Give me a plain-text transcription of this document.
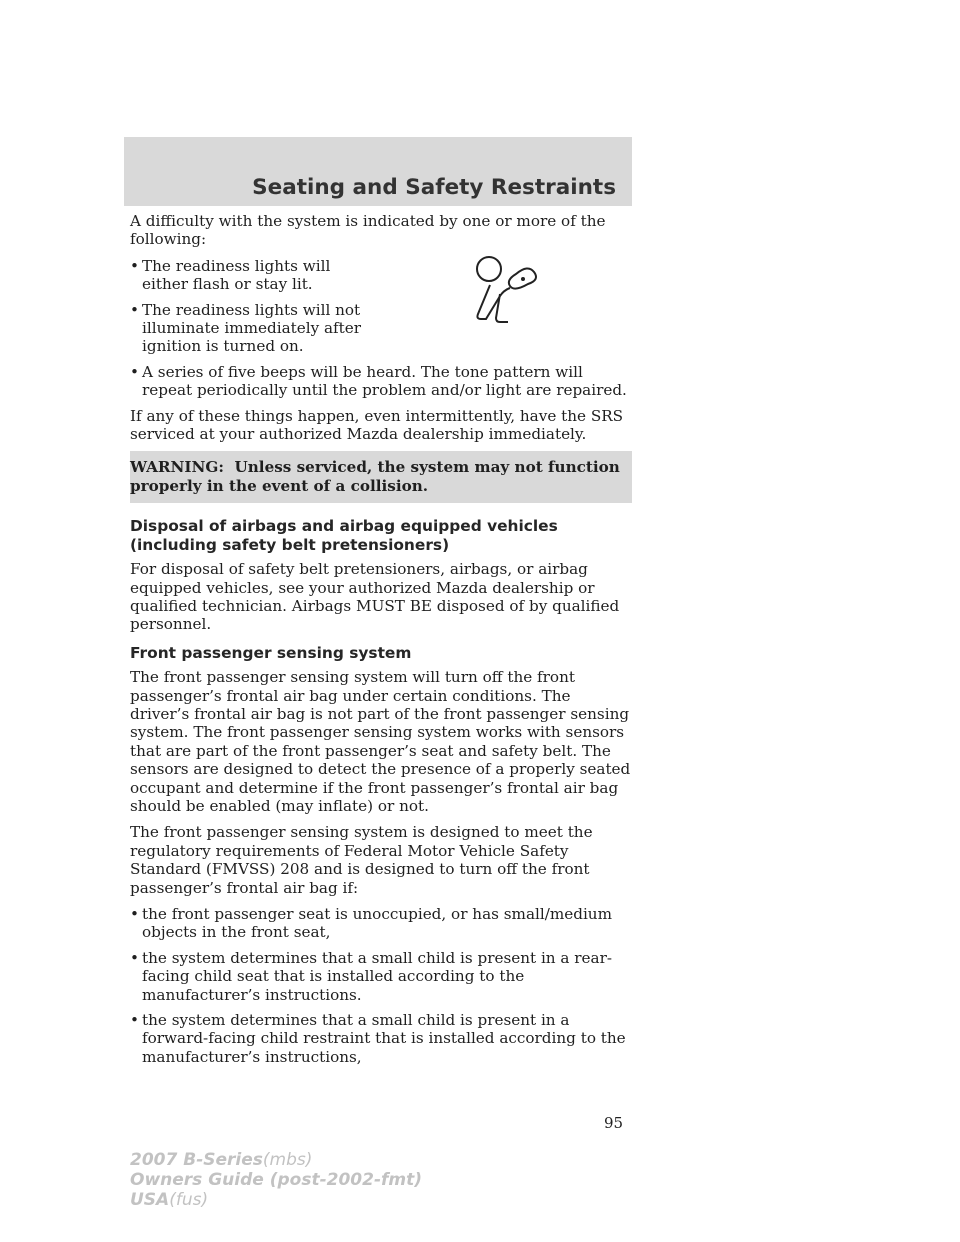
Seating and Safety Restraints

A difficulty with the system is indicated by one or more of the following:

• The readiness lights will either flash or stay lit.
• The readiness lights will not illuminate immediately after ignition is turned on.
• A series of five beeps will be heard. The tone pattern will repeat periodically until the problem and/or light are repaired.

If any of these things happen, even intermittently, have the SRS serviced at your authorized Mazda dealership immediately.

WARNING: Unless serviced, the system may not function properly in the event of a collision.
Disposal of airbags and airbag equipped vehicles (including safety belt pretensioners)

For disposal of safety belt pretensioners, airbags, or airbag equipped vehicles, see your authorized Mazda dealership or qualified technician. Airbags MUST BE disposed of by qualified personnel.

Front passenger sensing system

The front passenger sensing system will turn off the front passenger’s frontal air bag under certain conditions. The driver’s frontal air bag is not part of the front passenger sensing system. The front passenger sensing system works with sensors that are part of the front passenger’s seat and safety belt. The sensors are designed to detect the presence of a properly seated occupant and determine if the front passenger’s frontal air bag should be enabled (may inflate) or not.

The front passenger sensing system is designed to meet the regulatory requirements of Federal Motor Vehicle Safety Standard (FMVSS) 208 and is designed to turn off the front passenger’s frontal air bag if:

• the front passenger seat is unoccupied, or has small/medium objects in the front seat,
• the system determines that a small child is present in a rear-facing child seat that is installed according to the manufacturer’s instructions.
• the system determines that a small child is present in a forward-facing child restraint that is installed according to the manufacturer’s instructions,
95
2007 B-Series(mbs)
Owners Guide (post-2002-fmt)
USA(fus)
